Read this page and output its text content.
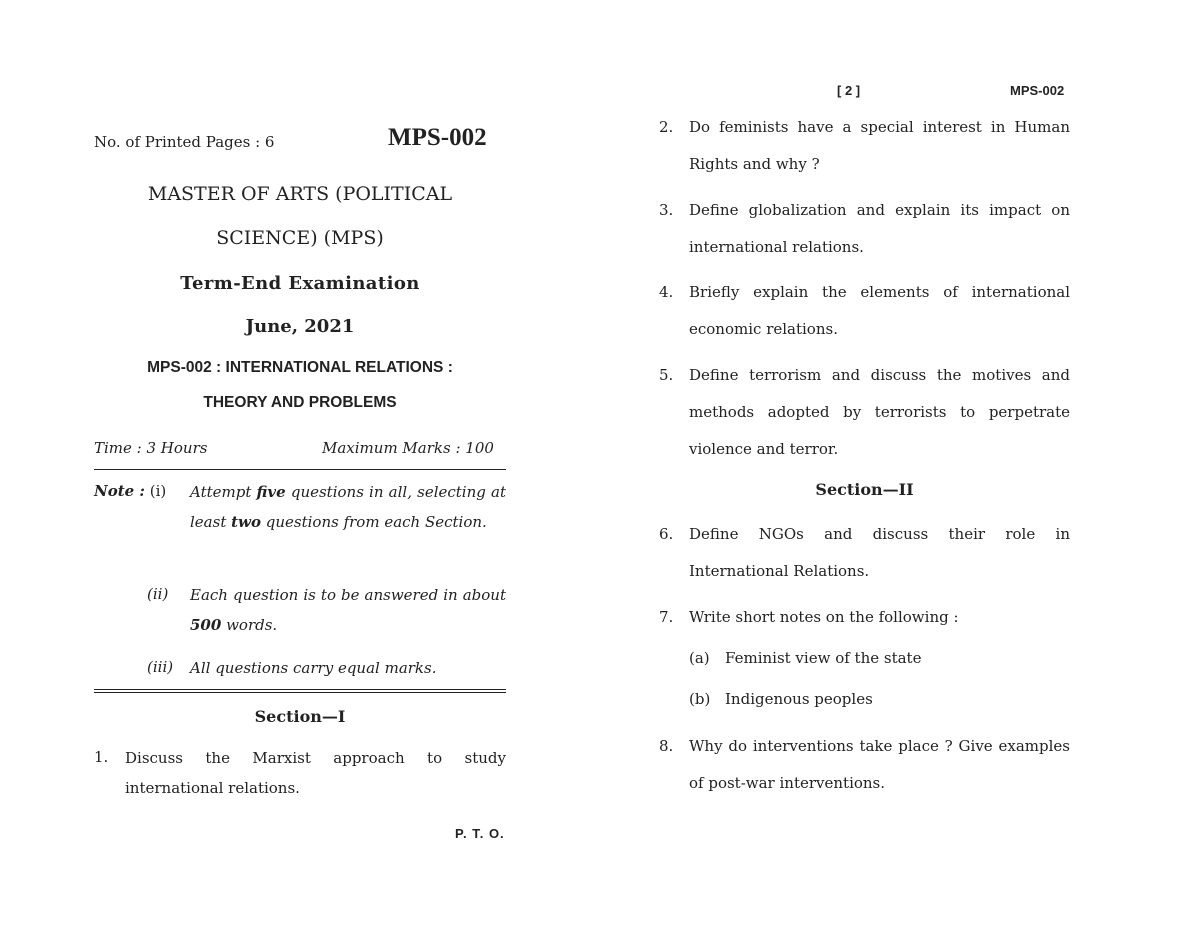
No. of Printed Pages : 6	MPS-002
MASTER OF ARTS (POLITICAL
SCIENCE) (MPS)
Term-End Examination
June, 2021
MPS-002 : INTERNATIONAL RELATIONS :
THEORY AND PROBLEMS
Time : 3 Hours	Maximum Marks : 100
Note : (i) Attempt five questions in all, selecting at least two questions from each Section.
(ii) Each question is to be answered in about 500 words.
(iii) All questions carry equal marks.
Section—I
1. Discuss the Marxist approach to study international relations.
P. T. O.
[ 2 ]	MPS-002
2. Do feminists have a special interest in Human Rights and why ?
3. Define globalization and explain its impact on international relations.
4. Briefly explain the elements of international economic relations.
5. Define terrorism and discuss the motives and methods adopted by terrorists to perpetrate violence and terror.
Section—II
6. Define NGOs and discuss their role in International Relations.
7. Write short notes on the following :
(a) Feminist view of the state
(b) Indigenous peoples
8. Why do interventions take place ? Give examples of post-war interventions.
